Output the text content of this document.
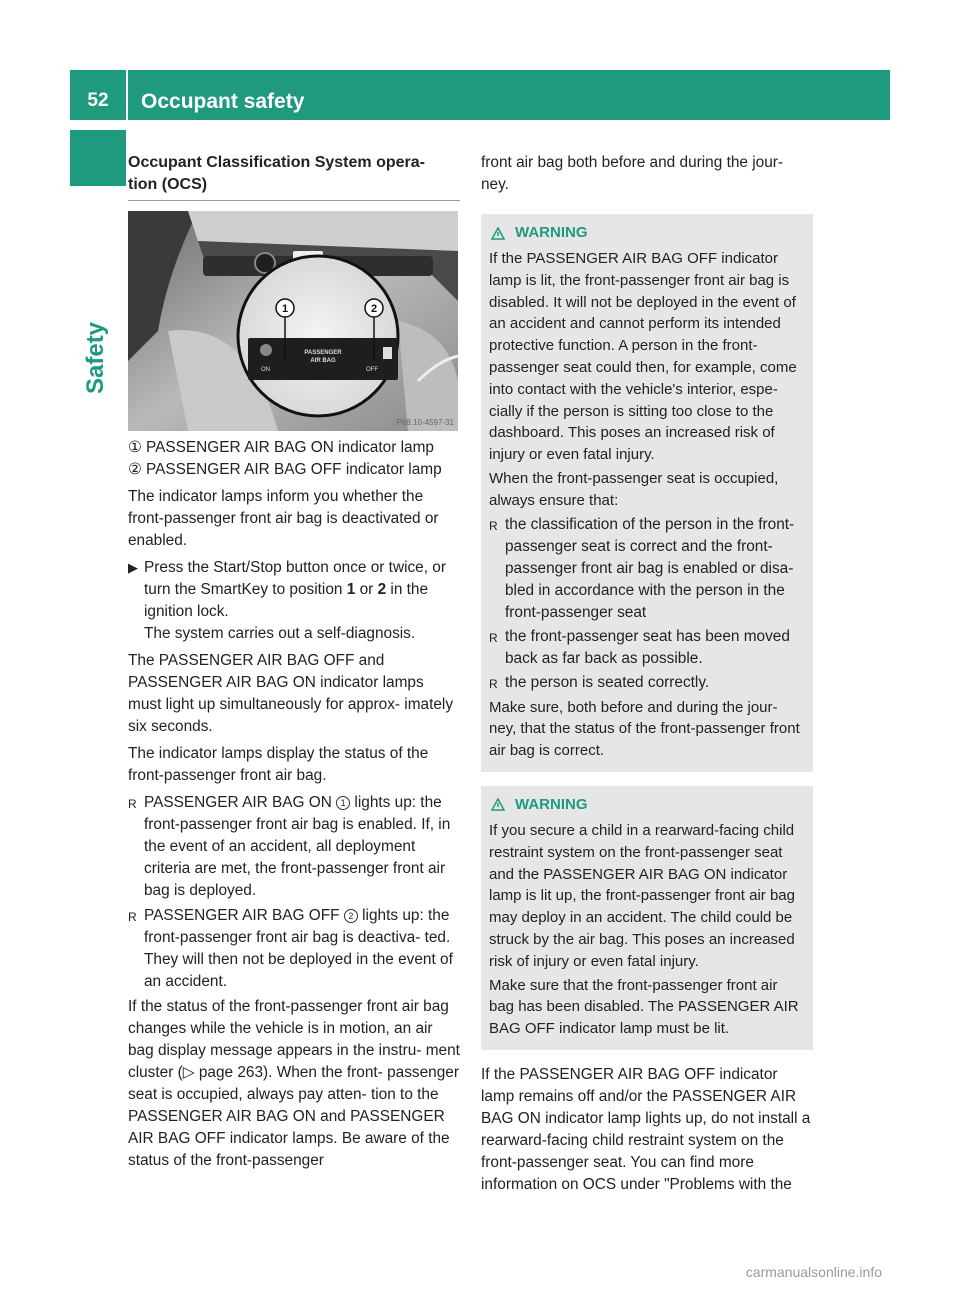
52	Occupant safety
Safety
Occupant Classification System opera-
tion (OCS)
ON
PASSENGER
AIR BAG
OFF
1	2
P68.10-4597-31
① PASSENGER AIR BAG ON indicator lamp
② PASSENGER AIR BAG OFF indicator lamp

The indicator lamps inform you whether the front-passenger front air bag is deactivated or enabled.

▶ Press the Start/Stop button once or twice, or turn the SmartKey to position 1 or 2 in the ignition lock.
The system carries out a self-diagnosis.

The PASSENGER AIR BAG OFF and PASSENGER AIR BAG ON indicator lamps must light up simultaneously for approx- imately six seconds.

The indicator lamps display the status of the front-passenger front air bag.

R PASSENGER AIR BAG ON 1 lights up: the front-passenger front air bag is enabled. If, in the event of an accident, all deployment criteria are met, the front-passenger front air bag is deployed.
R PASSENGER AIR BAG OFF 2 lights up: the front-passenger front air bag is deactiva- ted. They will then not be deployed in the event of an accident.

If the status of the front-passenger front air bag changes while the vehicle is in motion, an air bag display message appears in the instru- ment cluster (▷ page 263). When the front- passenger seat is occupied, always pay atten- tion to the PASSENGER AIR BAG ON and PASSENGER AIR BAG OFF indicator lamps. Be aware of the status of the front-passenger

front air bag both before and during the jour- ney.

WARNING

If the PASSENGER AIR BAG OFF indicator lamp is lit, the front-passenger front air bag is disabled. It will not be deployed in the event of an accident and cannot perform its intended protective function. A person in the front- passenger seat could then, for example, come into contact with the vehicle's interior, espe- cially if the person is sitting too close to the dashboard. This poses an increased risk of injury or even fatal injury.

When the front-passenger seat is occupied, always ensure that:

R the classification of the person in the front- passenger seat is correct and the front- passenger front air bag is enabled or disa- bled in accordance with the person in the front-passenger seat
R the front-passenger seat has been moved back as far back as possible.
R the person is seated correctly.

Make sure, both before and during the jour- ney, that the status of the front-passenger front air bag is correct.

WARNING

If you secure a child in a rearward-facing child restraint system on the front-passenger seat and the PASSENGER AIR BAG ON indicator lamp is lit up, the front-passenger front air bag may deploy in an accident. The child could be struck by the air bag. This poses an increased risk of injury or even fatal injury.

Make sure that the front-passenger front air bag has been disabled. The PASSENGER AIR BAG OFF indicator lamp must be lit.

If the PASSENGER AIR BAG OFF indicator lamp remains off and/or the PASSENGER AIR BAG ON indicator lamp lights up, do not install a rearward-facing child restraint system on the front-passenger seat. You can find more information on OCS under "Problems with the

carmanualsonline.info
